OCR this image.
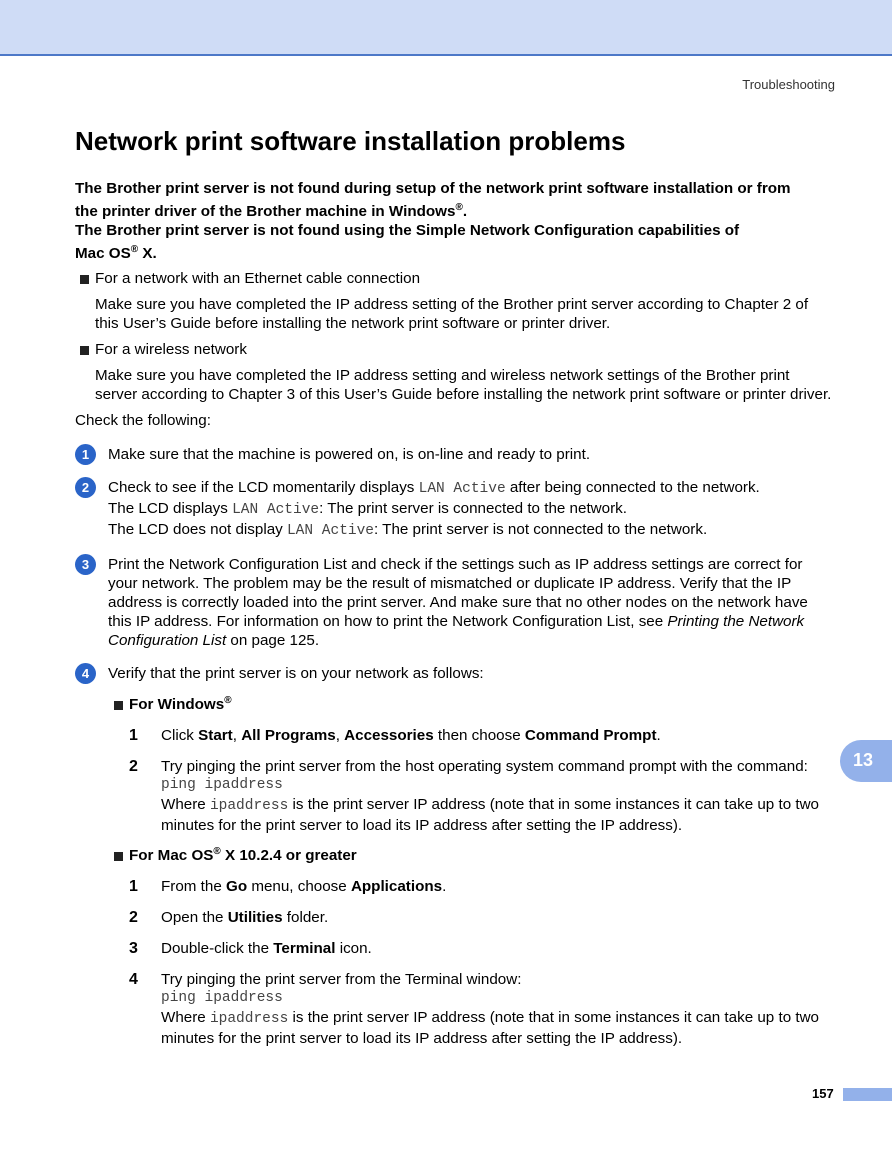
Troubleshooting
Network print software installation problems
The Brother print server is not found during setup of the network print software installation or from
the printer driver of the Brother machine in Windows®.
The Brother print server is not found using the Simple Network Configuration capabilities of
Mac OS® X.
For a network with an Ethernet cable connection
Make sure you have completed the IP address setting of the Brother print server according to Chapter 2 of this User’s Guide before installing the network print software or printer driver.
For a wireless network
Make sure you have completed the IP address setting and wireless network settings of the Brother print server according to Chapter 3 of this User’s Guide before installing the network print software or printer driver.
Check the following:
1	Make sure that the machine is powered on, is on-line and ready to print.
2	Check to see if the LCD momentarily displays LAN Active after being connected to the network.
The LCD displays LAN Active: The print server is connected to the network.
The LCD does not display LAN Active: The print server is not connected to the network.
3	Print the Network Configuration List and check if the settings such as IP address settings are correct for your network. The problem may be the result of mismatched or duplicate IP address. Verify that the IP address is correctly loaded into the print server. And make sure that no other nodes on the network have this IP address. For information on how to print the Network Configuration List, see Printing the Network Configuration List on page 125.
4	Verify that the print server is on your network as follows:
For Windows®
1 Click Start, All Programs, Accessories then choose Command Prompt.
2 Try pinging the print server from the host operating system command prompt with the command:
ping ipaddress
Where ipaddress is the print server IP address (note that in some instances it can take up to two minutes for the print server to load its IP address after setting the IP address).
For Mac OS® X 10.2.4 or greater
1 From the Go menu, choose Applications.
2 Open the Utilities folder.
3 Double-click the Terminal icon.
4 Try pinging the print server from the Terminal window:
ping ipaddress
Where ipaddress is the print server IP address (note that in some instances it can take up to two minutes for the print server to load its IP address after setting the IP address).
13
157
